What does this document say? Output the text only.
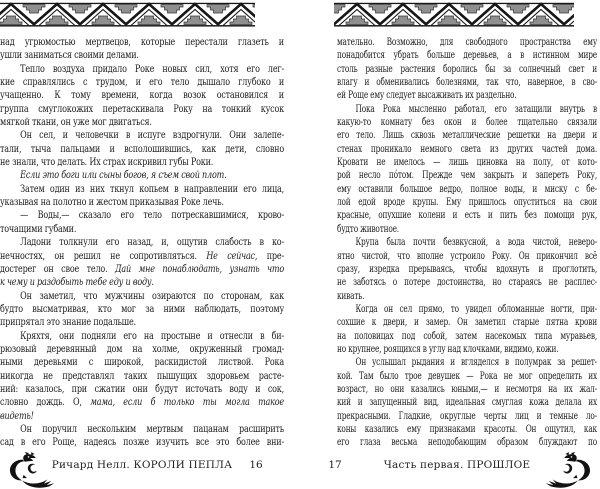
над угрюмостью мертвецов, которые перестали глазеть и
ушли заниматься своими делами.
Тепло воздуха придало Роке новых сил, хотя его лег-
кие справлялись с трудом, и его тело дышало глубоко и
учащенно. К тому времени, когда возок остановился и
группа смуглокожих перетаскивала Року на тонкий кусок
мягкой ткани, он уже мог двигаться.
Он сел, и человечки в испуге вздрогнули. Они залепе-
тали, тыча пальцами и всполошившись, как дети, словно
не знали, что делать. Их страх искривил губы Роки.
Если это боги или сыны богов, я съем свой плот.
Затем один из них ткнул копьем в направлении его лица,
указывая на полотно и жестом приказывая Роке лечь.
— Воды,— сказало его тело потрескавшимися, крово-
точащими губами.
Ладони толкнули его назад, и, ощутив слабость в ко-
нечностях, он решил не сопротивляться. Не сейчас, пре-
достерег он свое тело. Дай мне понаблюдать, узнать что
к чему и раздобыть тебе еду и воду.
Он заметил, что мужчины озираются по сторонам, как
будто высматривая, кто мог за ними наблюдать, поэтому
припрятал это знание подальше.
Кряхтя, они подняли его на простыне и отнесли в би-
рюзовый деревянный дом на холме, окруженный громад-
ными деревьями с широкой, раскидистой листвой. Рока
никогда не представлял таких пышущих здоровьем расте-
ний: казалось, при сжатии они будут источать воду и сок,
словно дождь. О, мама, если б только ты могла такое
видеть!
Он поручил нескольким мертвым пацанам расширить
сад в его Роще, надеясь позже изучить все это более вни-
мательно. Возможно, для свободного пространства ему
понадобится убрать больше деревьев, а в истинном мире
столь разные растения боролись бы за солнечный свет и
влагу и обменивались болезнями, так что, наверное, в сво-
ей Роще ему следует высаживать их раздельно.
Пока Рока мысленно работал, его затащили внутрь в
какую-то комнату без окон и более тщательно связали
его тело. Лишь сквозь металлические решетки на двери и
стенах проникало немного света из других частей дома.
Кровати не имелось — лишь циновка на полу, от кото-
рой несло по́том. Прежде чем закрыть и запереть Року,
ему оставили большое ведро, полное воды, и миску с бе-
лой едой вроде крупы. Ему пришлось опуститься на свои
красные, опухшие колени и есть и пить без помощи рук,
будто животное.
Крупа была почти безвкусной, а вода чистой, неверо-
ятно чистой, что вполне устроило Року. Он прикончил всё
сразу, изредка прерываясь, чтобы вдохнуть и проглотить,
не заботясь о потере достоинства, но стараясь не расплес-
кивать.
Когда он сел прямо, то увидел обломанные ногти, при-
сохшие к двери, и замер. Он заметил старые пятна крови
на половицах под собой, затем насекомых типа муравьев,
но крупнее, роящихся в углу над клочками, видимо, кожи.
Он услышал рыдания и вгляделся в полумрак за решет-
кой. Там было трое девушек — Рока не мог определить их
возраст, но они казались юными,— и несмотря на их жал-
кий и запущенный вид, идеальная смуглая кожа делала их
прекрасными. Гладкие, округлые черты лиц и темные ло-
коны казались ему признаками красоты. Он ощутил, как
его глаза весьма неподобающим образом блуждают по
Ричард Нелл. КОРОЛИ ПЕПЛА	16	17	Часть первая. ПРОШЛОЕ
